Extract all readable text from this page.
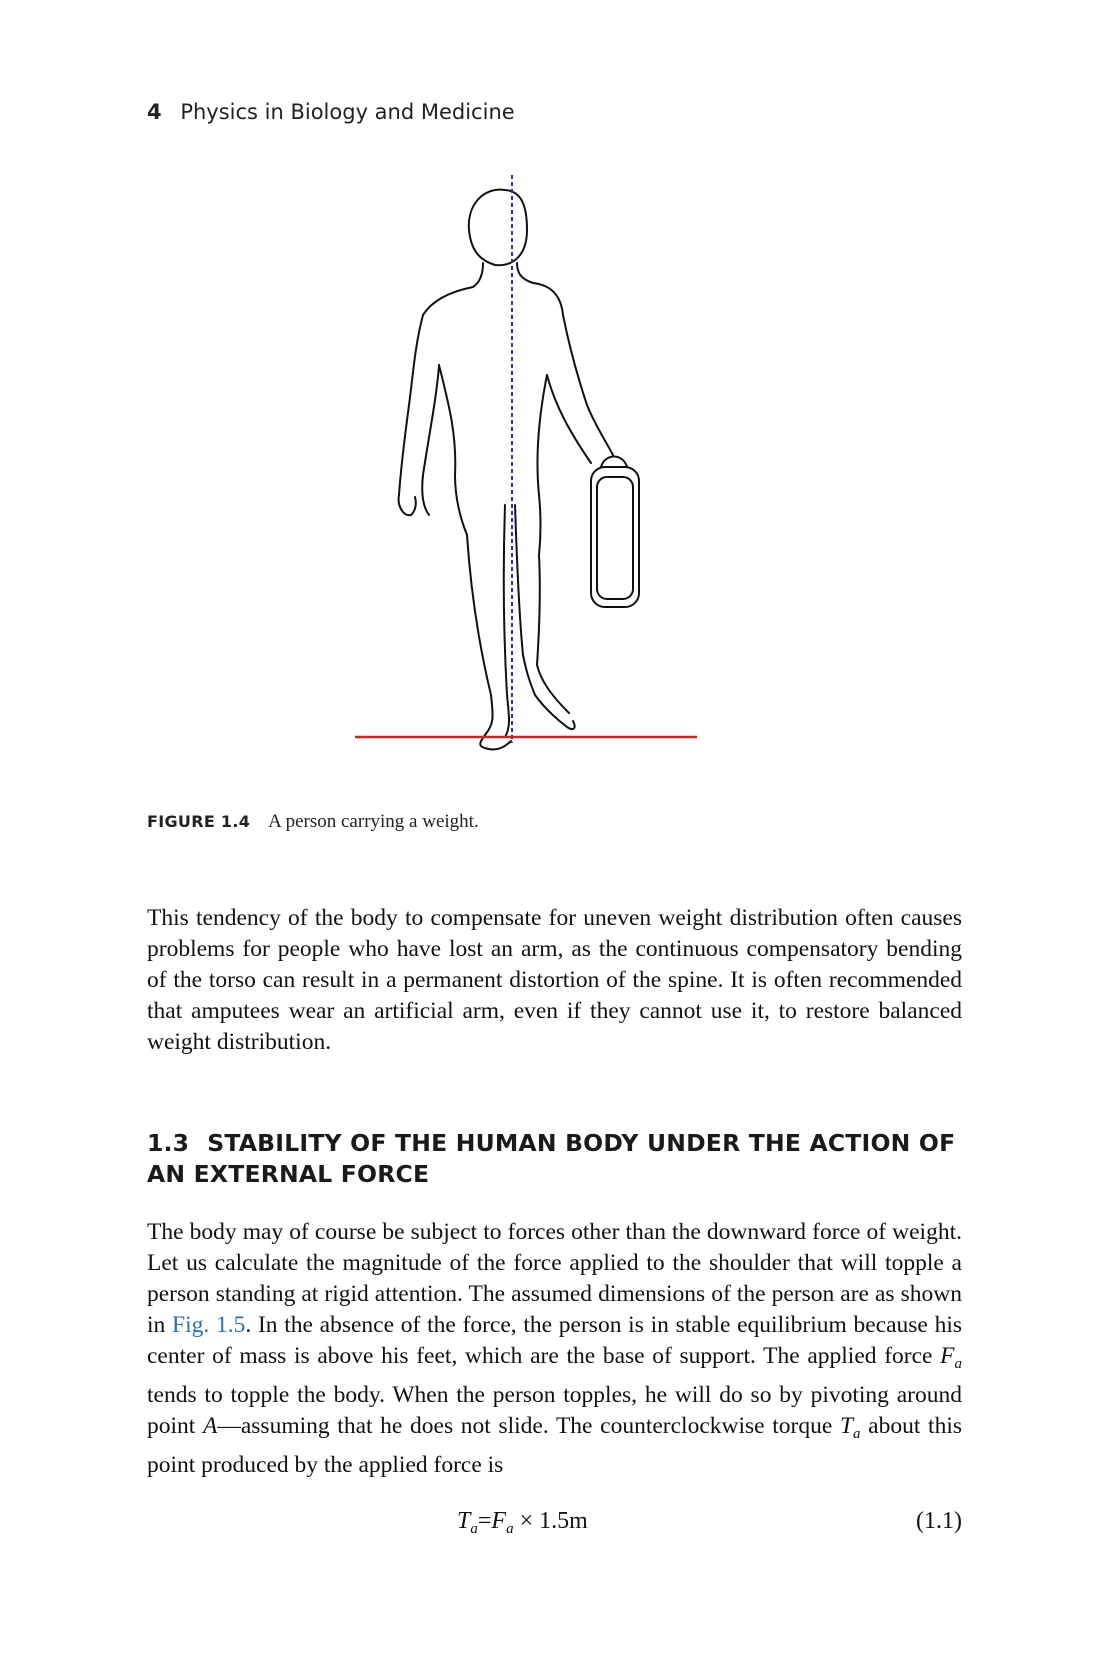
4 Physics in Biology and Medicine
FIGURE 1.4 A person carrying a weight.

This tendency of the body to compensate for uneven weight distribution often causes problems for people who have lost an arm, as the continuous compensatory bending of the torso can result in a permanent distortion of the spine. It is often recommended that amputees wear an artificial arm, even if they cannot use it, to restore balanced weight distribution.

1.3 STABILITY OF THE HUMAN BODY UNDER THE ACTION OF AN EXTERNAL FORCE

The body may of course be subject to forces other than the downward force of weight. Let us calculate the magnitude of the force applied to the shoulder that will topple a person standing at rigid attention. The assumed dimensions of the person are as shown in Fig. 1.5. In the absence of the force, the person is in stable equilibrium because his center of mass is above his feet, which are the base of support. The applied force $F_a$ tends to topple the body. When the person topples, he will do so by pivoting around point A—assuming that he does not slide. The counterclockwise torque $T_a$ about this point produced by the applied force is

$T_a=F_a \times 1.5m$	(1.1)
